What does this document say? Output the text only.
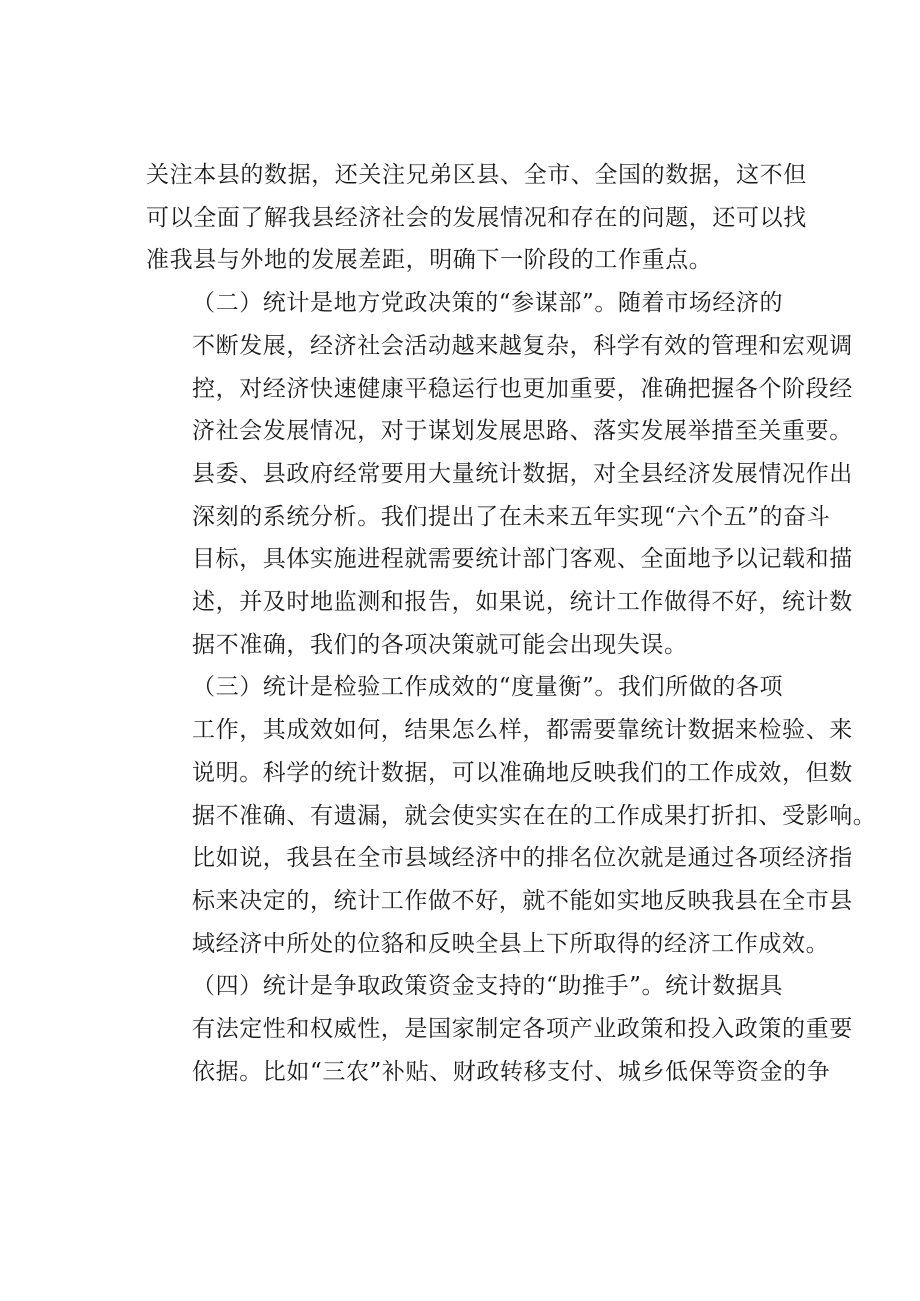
关注本县的数据，还关注兄弟区县、全市、全国的数据，这不但
可以全面了解我县经济社会的发展情况和存在的问题，还可以找
准我县与外地的发展差距，明确下一阶段的工作重点。

（二）统计是地方党政决策的“参谋部”。随着市场经济的
不断发展，经济社会活动越来越复杂，科学有效的管理和宏观调
控，对经济快速健康平稳运行也更加重要，准确把握各个阶段经
济社会发展情况，对于谋划发展思路、落实发展举措至关重要。
县委、县政府经常要用大量统计数据，对全县经济发展情况作出
深刻的系统分析。我们提出了在未来五年实现“六个五”的奋斗
目标，具体实施进程就需要统计部门客观、全面地予以记载和描
述，并及时地监测和报告，如果说，统计工作做得不好，统计数
据不准确，我们的各项决策就可能会出现失误。

（三）统计是检验工作成效的“度量衡”。我们所做的各项
工作，其成效如何，结果怎么样，都需要靠统计数据来检验、来
说明。科学的统计数据，可以准确地反映我们的工作成效，但数
据不准确、有遗漏，就会使实实在在的工作成果打折扣、受影响。
比如说，我县在全市县域经济中的排名位次就是通过各项经济指
标来决定的，统计工作做不好，就不能如实地反映我县在全市县
域经济中所处的位貉和反映全县上下所取得的经济工作成效。

（四）统计是争取政策资金支持的“助推手”。统计数据具
有法定性和权威性，是国家制定各项产业政策和投入政策的重要
依据。比如“三农”补贴、财政转移支付、城乡低保等资金的争
